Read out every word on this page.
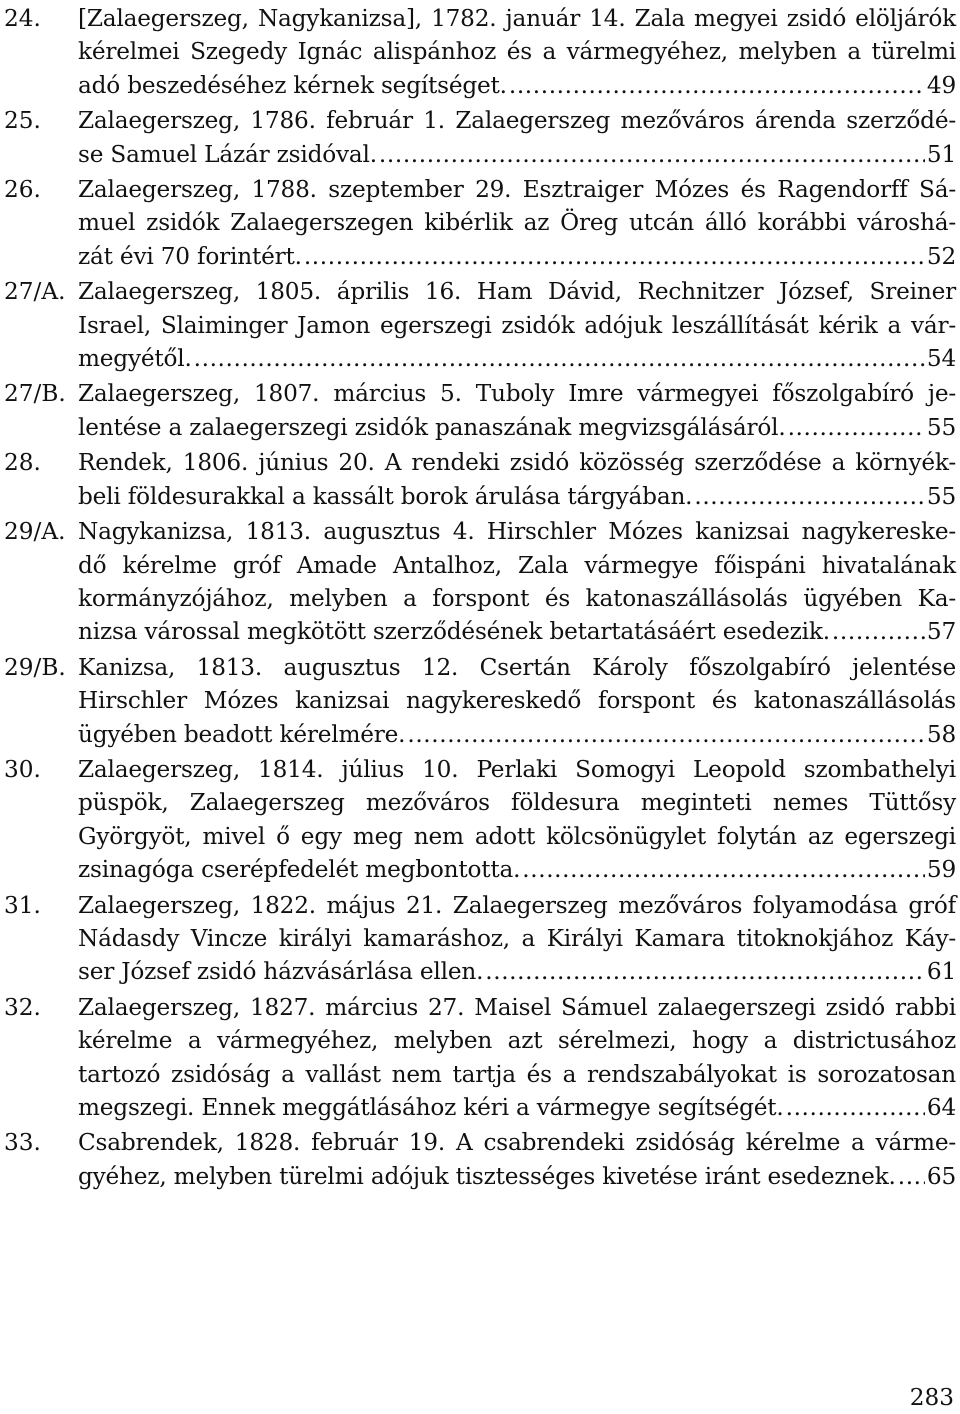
24. [Zalaegerszeg, Nagykanizsa], 1782. január 14. Zala megyei zsidó elöljárók
kérelmei Szegedy Ignác alispánhoz és a vármegyéhez, melyben a türelmi
adó beszedéséhez kérnek segítséget. .....	49
25. Zalaegerszeg, 1786. február 1. Zalaegerszeg mezőváros árenda szerződé-
se Samuel Lázár zsidóval. .....	51
26. Zalaegerszeg, 1788. szeptember 29. Esztraiger Mózes és Ragendorff Sá-
muel zsidók Zalaegerszegen kibérlik az Öreg utcán álló korábbi városhá-
zát évi 70 forintért. .....	52
27/A. Zalaegerszeg, 1805. április 16. Ham Dávid, Rechnitzer József, Sreiner
Israel, Slaiminger Jamon egerszegi zsidók adójuk leszállítását kérik a vár-
megyétől. .....	54
27/B. Zalaegerszeg, 1807. március 5. Tuboly Imre vármegyei főszolgabíró je-
lentése a zalaegerszegi zsidók panaszának megvizsgálásáról. .....	55
28. Rendek, 1806. június 20. A rendeki zsidó közösség szerződése a környék-
beli földesurakkal a kassált borok árulása tárgyában. .....	55
29/A. Nagykanizsa, 1813. augusztus 4. Hirschler Mózes kanizsai nagykereske-
dő kérelme gróf Amade Antalhoz, Zala vármegye főispáni hivatalának
kormányzójához, melyben a forspont és katonaszállásolás ügyében Ka-
nizsa várossal megkötött szerződésének betartatásáért esedezik. .....	57
29/B. Kanizsa, 1813. augusztus 12. Csertán Károly főszolgabíró jelentése
Hirschler Mózes kanizsai nagykereskedő forspont és katonaszállásolás
ügyében beadott kérelmére. .....	58
30. Zalaegerszeg, 1814. július 10. Perlaki Somogyi Leopold szombathelyi
püspök, Zalaegerszeg mezőváros földesura meginteti nemes Tüttősy
Györgyöt, mivel ő egy meg nem adott kölcsönügylet folytán az egerszegi
zsinagóga cserépfedelét megbontotta. .....	59
31. Zalaegerszeg, 1822. május 21. Zalaegerszeg mezőváros folyamodása gróf
Nádasdy Vincze királyi kamaráshoz, a Királyi Kamara titoknokjához Káy-
ser József zsidó házvásárlása ellen. .....	61
32. Zalaegerszeg, 1827. március 27. Maisel Sámuel zalaegerszegi zsidó rabbi
kérelme a vármegyéhez, melyben azt sérelmezi, hogy a districtusához
tartozó zsidóság a vallást nem tartja és a rendszabályokat is sorozatosan
megszegi. Ennek meggátlásához kéri a vármegye segítségét. .....	64
33. Csabrendek, 1828. február 19. A csabrendeki zsidóság kérelme a várme-
gyéhez, melyben türelmi adójuk tisztességes kivetése iránt esedeznek. ..... 65
283
